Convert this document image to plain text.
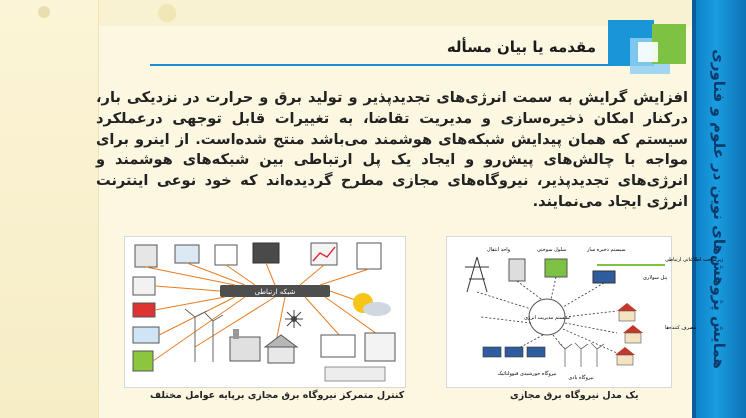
همایش پژوهش‌های نوین در علوم و فناوری
مقدمه یا بیان مسأله
افزایش گرایش به سمت انرژی‌های تجدیدپذیر و تولید برق و حرارت در نزدیکی بار، درکنار امکان ذخیره‌سازی و مدیریت تقاضا، به تغییرات قابل توجهی درعملکرد سیستم که همان پیدایش شبکه‌های هوشمند می‌باشد منتج شده‌است. از اینرو برای مواجه با چالش‌های پیش‌رو و ایجاد یک پل ارتباطی بین شبکه‌های هوشمند و انرژی‌های تجدیدپذیر، نیروگاه‌های مجازی مطرح گردیده‌اند که خود نوعی اینترنت انرژی ایجاد می‌نمایند.
شبکه ارتباطی
کنترل متمرکز نیروگاه برق مجازی برپایه عوامل مختلف
واحد انتقال	سلول سوختی	سیستم ذخیره ساز
زیرساخت اطلاعاتی ارتباطی
پنل سولاری
سیستم مدیریت انرژی
مصرف کننده‌ها
نیروگاه خورشیدی فتوولتائیک
نیروگاه بادی
یک مدل نیروگاه برق مجازی
